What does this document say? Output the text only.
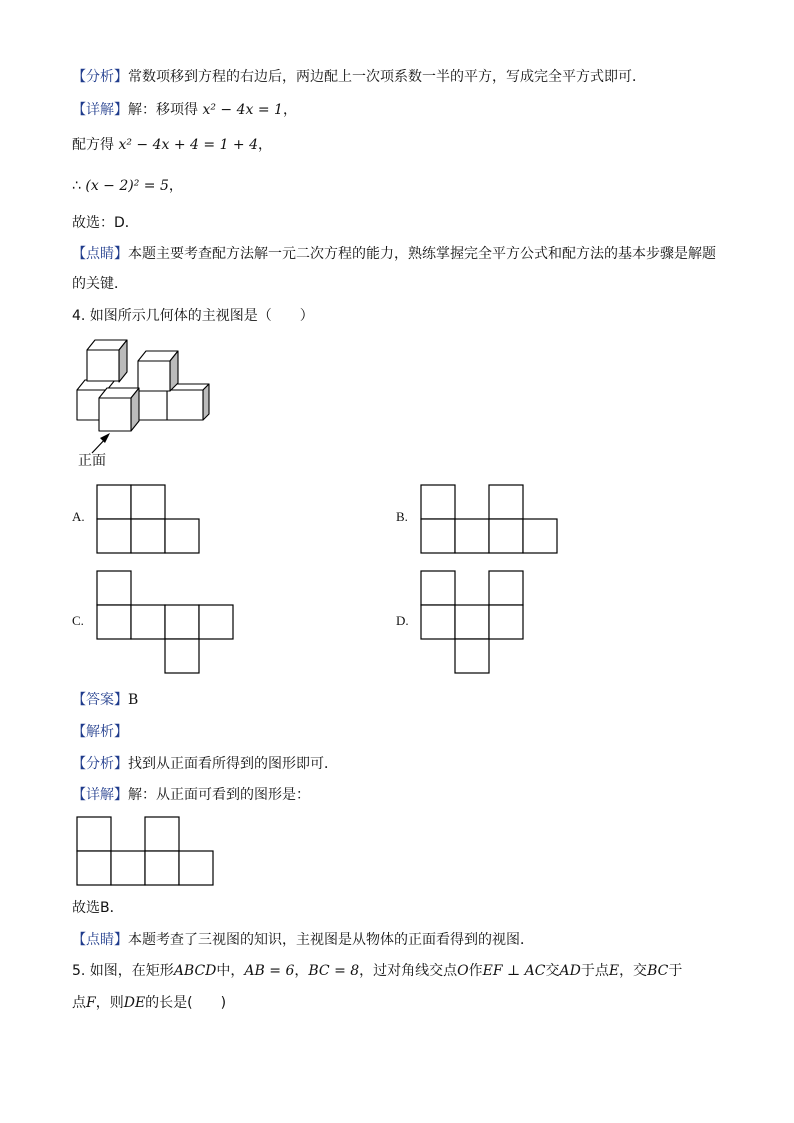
【分析】常数项移到方程的右边后，两边配上一次项系数一半的平方，写成完全平方式即可．
【详解】解：移项得 x² − 4x = 1，
配方得 x² − 4x + 4 = 1 + 4，
∴ (x − 2)² = 5，
故选：D．
【点睛】本题主要考查配方法解一元二次方程的能力，熟练掌握完全平方公式和配方法的基本步骤是解题
的关键．
4. 如图所示几何体的主视图是（　　）
正面
A.	B.
C.	D.
【答案】B
【解析】
【分析】找到从正面看所得到的图形即可．
【详解】解：从正面可看到的图形是：
故选B．
【点睛】本题考查了三视图的知识，主视图是从物体的正面看得到的视图．
5. 如图，在矩形ABCD中，AB = 6，BC = 8，过对角线交点O作EF ⊥ AC交AD于点E，交BC于
点F，则DE的长是(　　)
